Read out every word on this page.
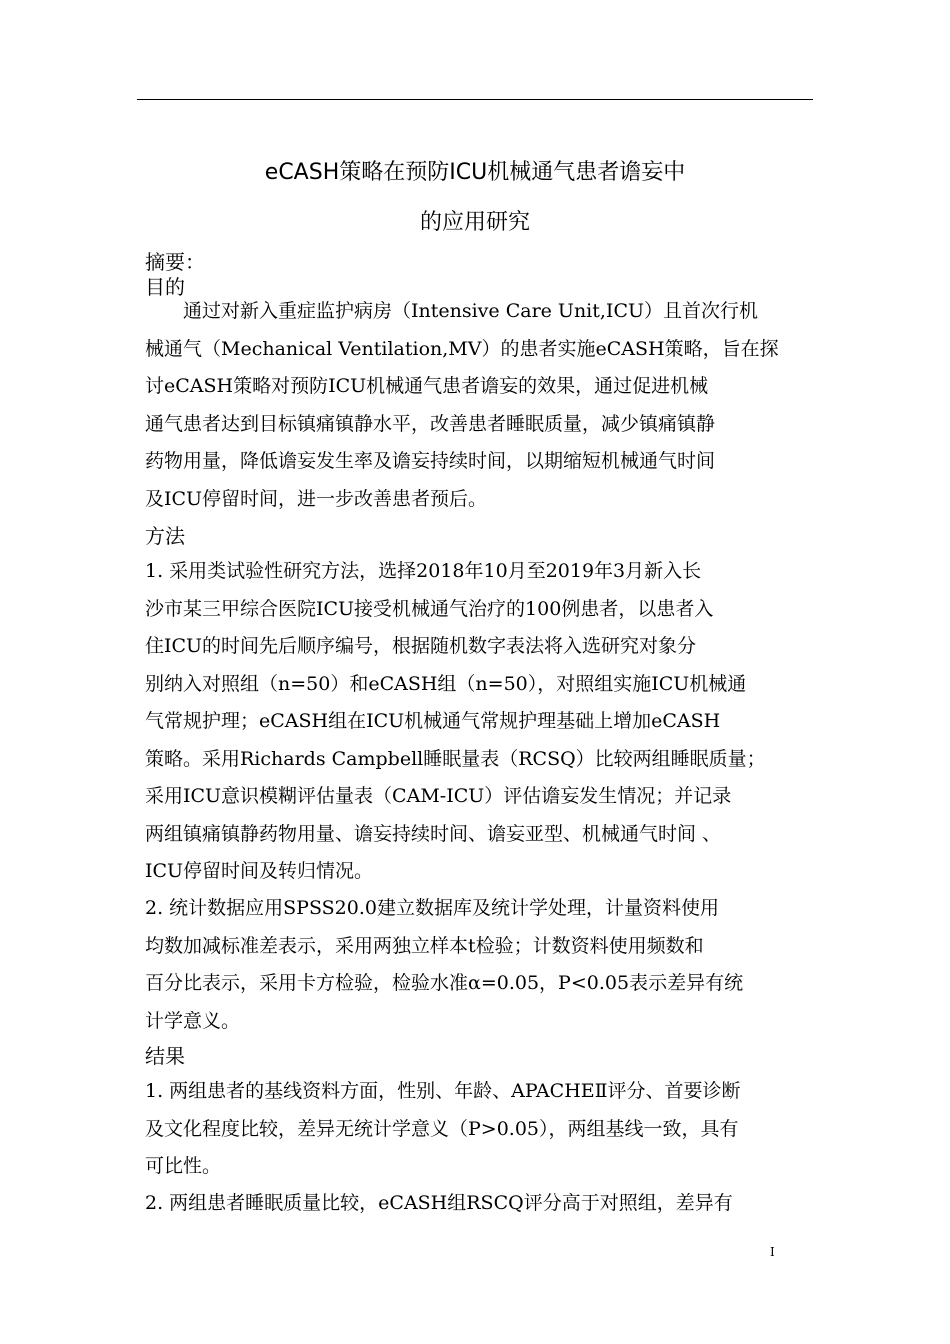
eCASH策略在预防ICU机械通气患者谵妄中
的应用研究
摘要：
目的
　　通过对新入重症监护病房（Intensive Care Unit,ICU）且首次行机
械通气（Mechanical Ventilation,MV）的患者实施eCASH策略，旨在探
讨eCASH策略对预防ICU机械通气患者谵妄的效果，通过促进机械
通气患者达到目标镇痛镇静水平，改善患者睡眠质量，减少镇痛镇静
药物用量，降低谵妄发生率及谵妄持续时间，以期缩短机械通气时间
及ICU停留时间，进一步改善患者预后。
方法
1. 采用类试验性研究方法，选择2018年10月至2019年3月新入长
沙市某三甲综合医院ICU接受机械通气治疗的100例患者，以患者入
住ICU的时间先后顺序编号，根据随机数字表法将入选研究对象分
别纳入对照组（n=50）和eCASH组（n=50），对照组实施ICU机械通
气常规护理；eCASH组在ICU机械通气常规护理基础上增加eCASH
策略。采用Richards Campbell睡眠量表（RCSQ）比较两组睡眠质量；
采用ICU意识模糊评估量表（CAM-ICU）评估谵妄发生情况；并记录
两组镇痛镇静药物用量、谵妄持续时间、谵妄亚型、机械通气时间 、
ICU停留时间及转归情况。
2. 统计数据应用SPSS20.0建立数据库及统计学处理，计量资料使用
均数加减标准差表示，采用两独立样本t检验；计数资料使用频数和
百分比表示，采用卡方检验，检验水准α=0.05，P<0.05表示差异有统
计学意义。
结果
1. 两组患者的基线资料方面，性别、年龄、APACHEⅡ评分、首要诊断
及文化程度比较，差异无统计学意义（P>0.05），两组基线一致，具有
可比性。
2. 两组患者睡眠质量比较，eCASH组RSCQ评分高于对照组，差异有
I
